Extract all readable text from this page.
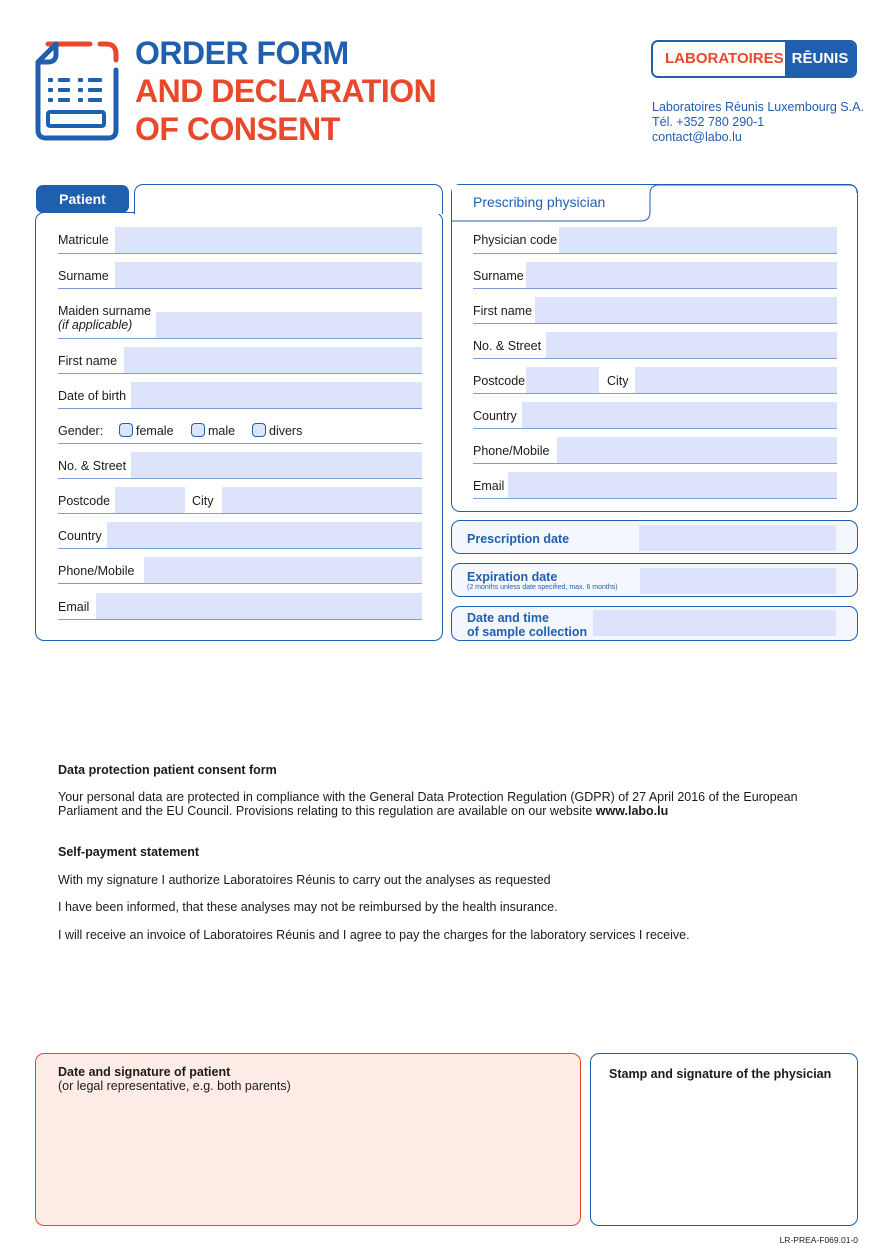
ORDER FORM
AND DECLARATION
OF CONSENT
LABORATOIRES RĒUNIS
Laboratoires Réunis Luxembourg S.A.
Tél. +352 780 290-1
contact@labo.lu
Patient
Matricule
Surname
Maiden surname
(if applicable)
First name
Date of birth
Gender:	female	male	divers
No. & Street
Postcode	City
Country
Phone/Mobile
Email
Prescribing physician
Physician code
Surname
First name
No. & Street
Postcode	City
Country
Phone/Mobile
Email
Prescription date
Expiration date
(2 months unless date specified, max. 6 months)
Date and time
of sample collection
Data protection patient consent form
Your personal data are protected in compliance with the General Data Protection Regulation (GDPR) of 27 April 2016 of the European
Parliament and the EU Council. Provisions relating to this regulation are available on our website www.labo.lu
Self-payment statement
With my signature I authorize Laboratoires Réunis to carry out the analyses as requested
I have been informed, that these analyses may not be reimbursed by the health insurance.
I will receive an invoice of Laboratoires Réunis and I agree to pay the charges for the laboratory services I receive.
Date and signature of patient
(or legal representative, e.g. both parents)
Stamp and signature of the physician
LR-PREA-F069.01-0
